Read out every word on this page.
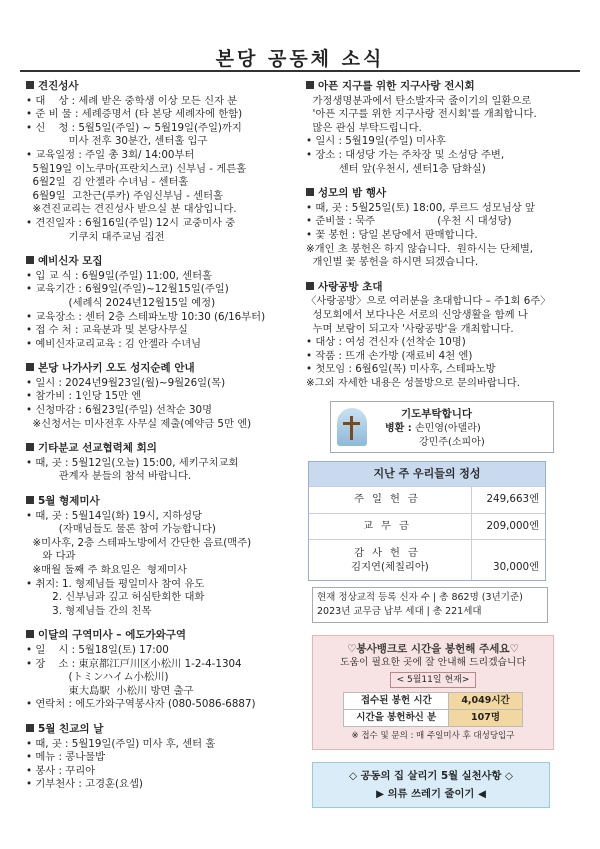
본당 공동체 소식
견진성사
• 대    상 : 세례 받은 중학생 이상 모든 신자 분
• 준 비 물 : 세례증명서 (타 본당 세례자에 한함)
• 신    청 : 5월5일(주일) ~ 5월19일(주일)까지
미사 전후 30분간, 센터홀 입구
• 교육일정 : 주일 총 3회/ 14:00부터
5월19일 이노쿠마(프란치스코) 신부님 - 게른홀
6월2일  김 안젤라 수녀님 - 센터홀
6월9일  고찬근(루카) 주임신부님 - 센터홀
※견진교리는 견진성사 받으실 분 대상입니다.
• 견진일자 : 6월16일(주일) 12시 교중미사 중
기쿠치 대주교님 집전
예비신자 모집
• 입 교 식 : 6월9일(주일) 11:00, 센터홀
• 교육기간 : 6월9일(주일)~12월15일(주일)
(세례식 2024년12월15일 예정)
• 교육장소 : 센터 2층 스테파노방 10:30 (6/16부터)
• 접 수 처 : 교육분과 및 본당사무실
• 예비신자교리교육 : 김 안젤라 수녀님
본당 나가사키 오도 성지순례 안내
• 일시 : 2024년9월23일(월)~9월26일(목)
• 참가비 : 1인당 15만 엔
• 신청마감 : 6월23일(주일) 선착순 30명
※신청서는 미사전후 사무실 제출(예약금 5만 엔)
기타분교 선교협력체 회의
• 때, 곳 : 5월12일(오늘) 15:00, 세키구치교회
관계자 분들의 참석 바랍니다.
5월 형제미사
• 때, 곳 : 5월14일(화) 19시, 지하성당
(자매님들도 물론 참여 가능합니다)
※미사후, 2층 스테파노방에서 간단한 음료(맥주)
와 다과
※매월 둘째 주 화요일은  형제미사
• 취지: 1. 형제님들 평일미사 참여 유도
2. 신부님과 깊고 허심탄회한 대화
3. 형제님들 간의 친목
이달의 구역미사 – 에도가와구역
• 일    시 : 5월18일(토) 17:00
• 장    소 : 東京都江戸川区小松川 1-2-4-1304
(トミンハイム小松川)
東大島駅  小松川 방면 출구
• 연락처 : 에도가와구역봉사자 (080-5086-6887)
5월 친교의 날
• 때, 곳 : 5월19일(주일) 미사 후, 센터 홀
• 메뉴 : 콩나물밥
• 봉사 : 꾸리아
• 기부천사 : 고경훈(요셉)
아픈 지구를 위한 지구사랑 전시회
가정생명분과에서 탄소발자국 줄이기의 일환으로
'아픈 지구를 위한 지구사랑 전시회'를 개최합니다.
많은 관심 부탁드립니다.
• 일시 : 5월19일(주일) 미사후
• 장소 : 대성당 가는 주차장 및 소성당 주변,
센터 앞(우천시, 센터1층 담화실)
성모의 밤 행사
• 때, 곳 : 5월25일(토) 18:00, 루르드 성모님상 앞
• 준비물 : 묵주                   (우천 시 대성당)
• 꽃 봉헌 : 당일 본당에서 판매합니다.
※개인 초 봉헌은 하지 않습니다.  원하시는 단체별,
개인별 꽃 봉헌을 하시면 되겠습니다.
사랑공방 초대
〈사랑공방〉으로 여러분을 초대합니다 – 주1회 6주〉
성모회에서 보다나은 서로의 신앙생활을 함께 나
누며 보람이 되고자 '사랑공방'을 개최합니다.
• 대상 : 여성 견신자 (선착순 10명)
• 작품 : 뜨개 손가방 (재료비 4천 엔)
• 첫모임 : 6월6일(목) 미사후, 스테파노방
※그외 자세한 내용은 성물방으로 문의바랍니다.
기도부탁합니다
병환 : 손민영(아델라)
강민주(소피아)
지난 주 우리들의 정성
주일헌금	249,663엔
교무금	209,000엔
감사헌금
김지연(체칠리아)	30,000엔
현재 정상교적 등록 신자 수 | 총 862명 (3년기준)
2023년 교무금 납부 세대 | 총 221세대
♡봉사뱅크로 시간을 봉헌해 주세요♡
도움이 필요한 곳에 잘 안내해 드리겠습니다
< 5월11일 현재>
접수된 봉헌 시간	4,049시간
시간을 봉헌하신 분	107명
※ 접수 및 문의 : 매 주일미사 후 대성당입구
◇ 공동의 집 살리기 5월 실천사항 ◇
▶ 의류 쓰레기 줄이기 ◀
